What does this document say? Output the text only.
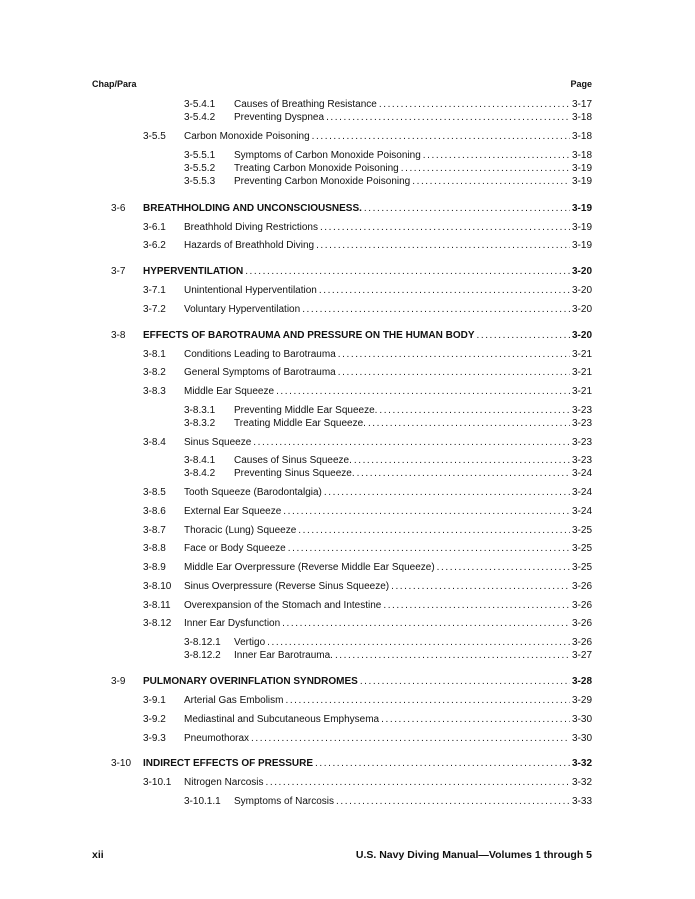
Chap/Para	Page
3-5.4.1	Causes of Breathing Resistance . . .	3-17
3-5.4.2	Preventing Dyspnea . . .	3-18
3-5.5	Carbon Monoxide Poisoning . . .	3-18
3-5.5.1	Symptoms of Carbon Monoxide Poisoning . . .	3-18
3-5.5.2	Treating Carbon Monoxide Poisoning . . .	3-19
3-5.5.3	Preventing Carbon Monoxide Poisoning . . .	3-19
3-6	BREATHHOLDING AND UNCONSCIOUSNESS. . . .	3-19
3-6.1	Breathhold Diving Restrictions . . .	3-19
3-6.2	Hazards of Breathhold Diving . . .	3-19
3-7	HYPERVENTILATION . . .	3-20
3-7.1	Unintentional Hyperventilation . . .	3-20
3-7.2	Voluntary Hyperventilation . . .	3-20
3-8	EFFECTS OF BAROTRAUMA AND PRESSURE ON THE HUMAN BODY . . .	3-20
3-8.1	Conditions Leading to Barotrauma . . .	3-21
3-8.2	General Symptoms of Barotrauma . . .	3-21
3-8.3	Middle Ear Squeeze . . .	3-21
3-8.3.1	Preventing Middle Ear Squeeze. . . .	3-23
3-8.3.2	Treating Middle Ear Squeeze. . . .	3-23
3-8.4	Sinus Squeeze . . .	3-23
3-8.4.1	Causes of Sinus Squeeze. . . .	3-23
3-8.4.2	Preventing Sinus Squeeze. . . .	3-24
3-8.5	Tooth Squeeze (Barodontalgia) . . .	3-24
3-8.6	External Ear Squeeze . . .	3-24
3-8.7	Thoracic (Lung) Squeeze . . .	3-25
3-8.8	Face or Body Squeeze . . .	3-25
3-8.9	Middle Ear Overpressure (Reverse Middle Ear Squeeze) . . .	3-25
3-8.10	Sinus Overpressure (Reverse Sinus Squeeze) . . .	3-26
3-8.11	Overexpansion of the Stomach and Intestine . . .	3-26
3-8.12	Inner Ear Dysfunction . . .	3-26
3-8.12.1	Vertigo . . .	3-26
3-8.12.2	Inner Ear Barotrauma. . . .	3-27
3-9	PULMONARY OVERINFLATION SYNDROMES . . .	3-28
3-9.1	Arterial Gas Embolism . . .	3-29
3-9.2	Mediastinal and Subcutaneous Emphysema . . .	3-30
3-9.3	Pneumothorax . . .	3-30
3-10	INDIRECT EFFECTS OF PRESSURE . . .	3-32
3-10.1	Nitrogen Narcosis . . .	3-32
3-10.1.1	Symptoms of Narcosis . . .	3-33
xii	U.S. Navy Diving Manual—Volumes 1 through 5
